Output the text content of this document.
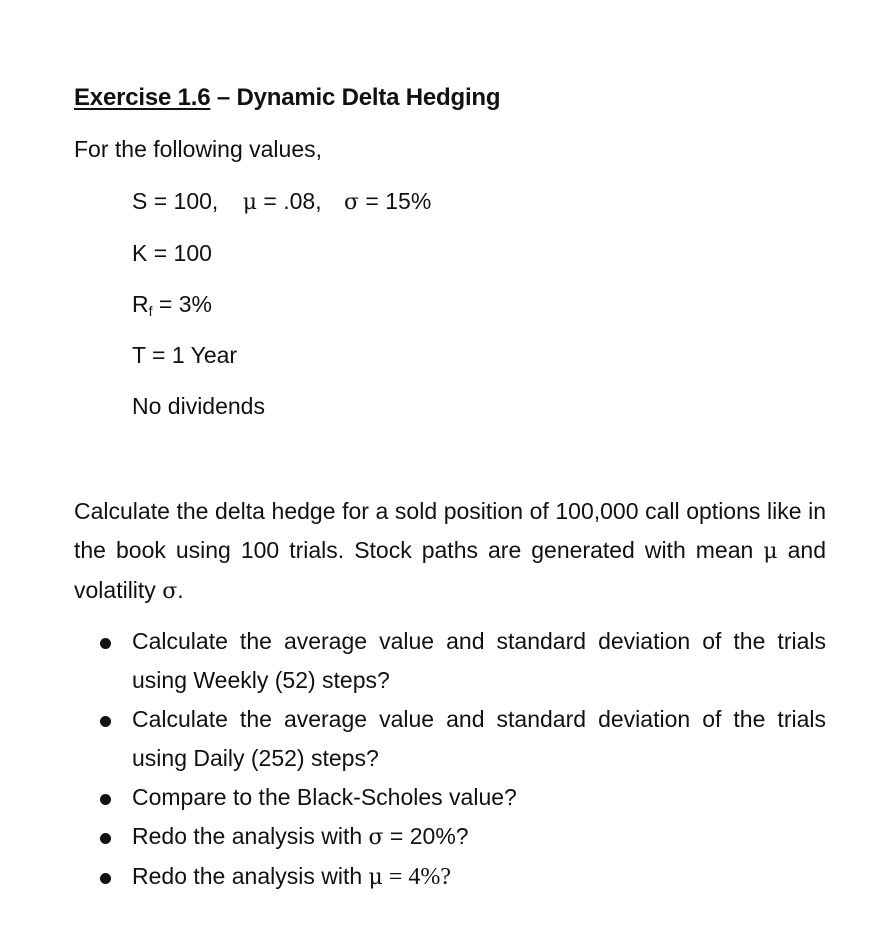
Exercise 1.6 – Dynamic Delta Hedging
For the following values,
S = 100, μ = .08, σ = 15%
K = 100
$R_f = 3\%$
T = 1 Year
No dividends
Calculate the delta hedge for a sold position of 100,000 call options like in the book using 100 trials. Stock paths are generated with mean μ and volatility σ.
Calculate the average value and standard deviation of the trials using Weekly (52) steps?
Calculate the average value and standard deviation of the trials using Daily (252) steps?
Compare to the Black-Scholes value?
Redo the analysis with σ = 20%?
Redo the analysis with μ = 4%?
